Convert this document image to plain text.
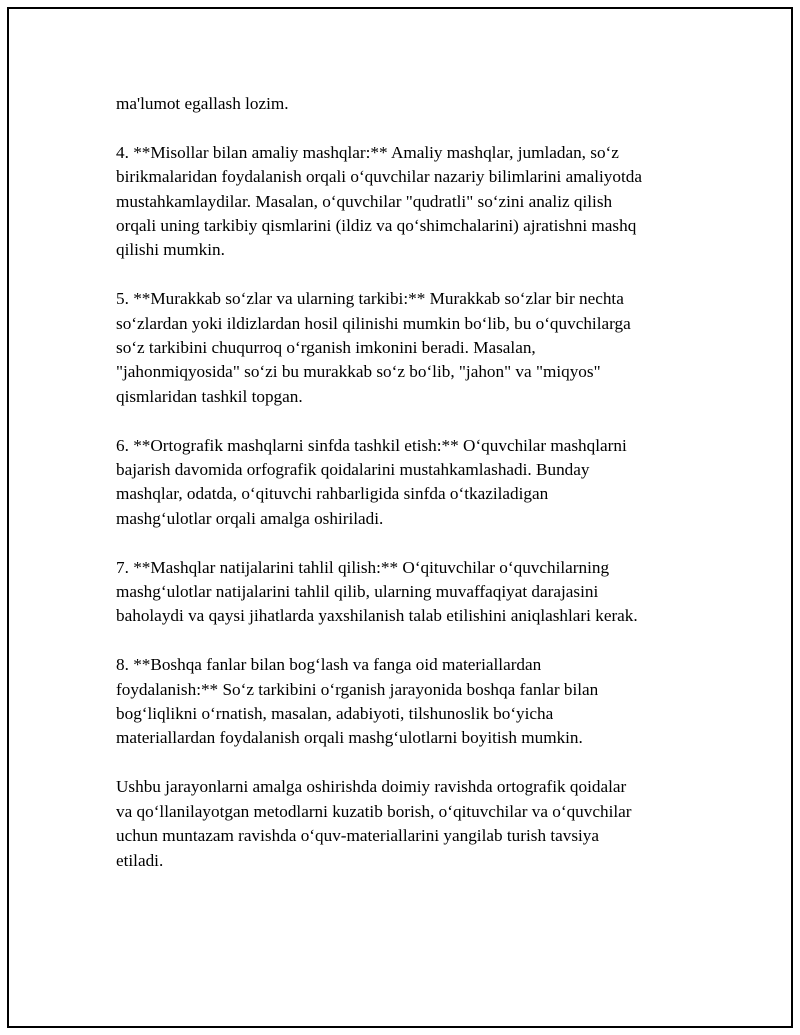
ma'lumot egallash lozim.

4. **Misollar bilan amaliy mashqlar:** Amaliy mashqlar, jumladan, so‘z
birikmalaridan foydalanish orqali o‘quvchilar nazariy bilimlarini amaliyotda
mustahkamlaydilar. Masalan, o‘quvchilar "qudratli" so‘zini analiz qilish
orqali uning tarkibiy qismlarini (ildiz va qo‘shimchalarini) ajratishni mashq
qilishi mumkin.

5. **Murakkab so‘zlar va ularning tarkibi:** Murakkab so‘zlar bir nechta
so‘zlardan yoki ildizlardan hosil qilinishi mumkin bo‘lib, bu o‘quvchilarga
so‘z tarkibini chuqurroq o‘rganish imkonini beradi. Masalan,
"jahonmiqyosida" so‘zi bu murakkab so‘z bo‘lib, "jahon" va "miqyos"
qismlaridan tashkil topgan.

6. **Ortografik mashqlarni sinfda tashkil etish:** O‘quvchilar mashqlarni
bajarish davomida orfografik qoidalarini mustahkamlashadi. Bunday
mashqlar, odatda, o‘qituvchi rahbarligida sinfda o‘tkaziladigan
mashg‘ulotlar orqali amalga oshiriladi.

7. **Mashqlar natijalarini tahlil qilish:** O‘qituvchilar o‘quvchilarning
mashg‘ulotlar natijalarini tahlil qilib, ularning muvaffaqiyat darajasini
baholaydi va qaysi jihatlarda yaxshilanish talab etilishini aniqlashlari kerak.

8. **Boshqa fanlar bilan bog‘lash va fanga oid materiallardan
foydalanish:** So‘z tarkibini o‘rganish jarayonida boshqa fanlar bilan
bog‘liqlikni o‘rnatish, masalan, adabiyoti, tilshunoslik bo‘yicha
materiallardan foydalanish orqali mashg‘ulotlarni boyitish mumkin.

Ushbu jarayonlarni amalga oshirishda doimiy ravishda ortografik qoidalar
va qo‘llanilayotgan metodlarni kuzatib borish, o‘qituvchilar va o‘quvchilar
uchun muntazam ravishda o‘quv-materiallarini yangilab turish tavsiya
etiladi.
